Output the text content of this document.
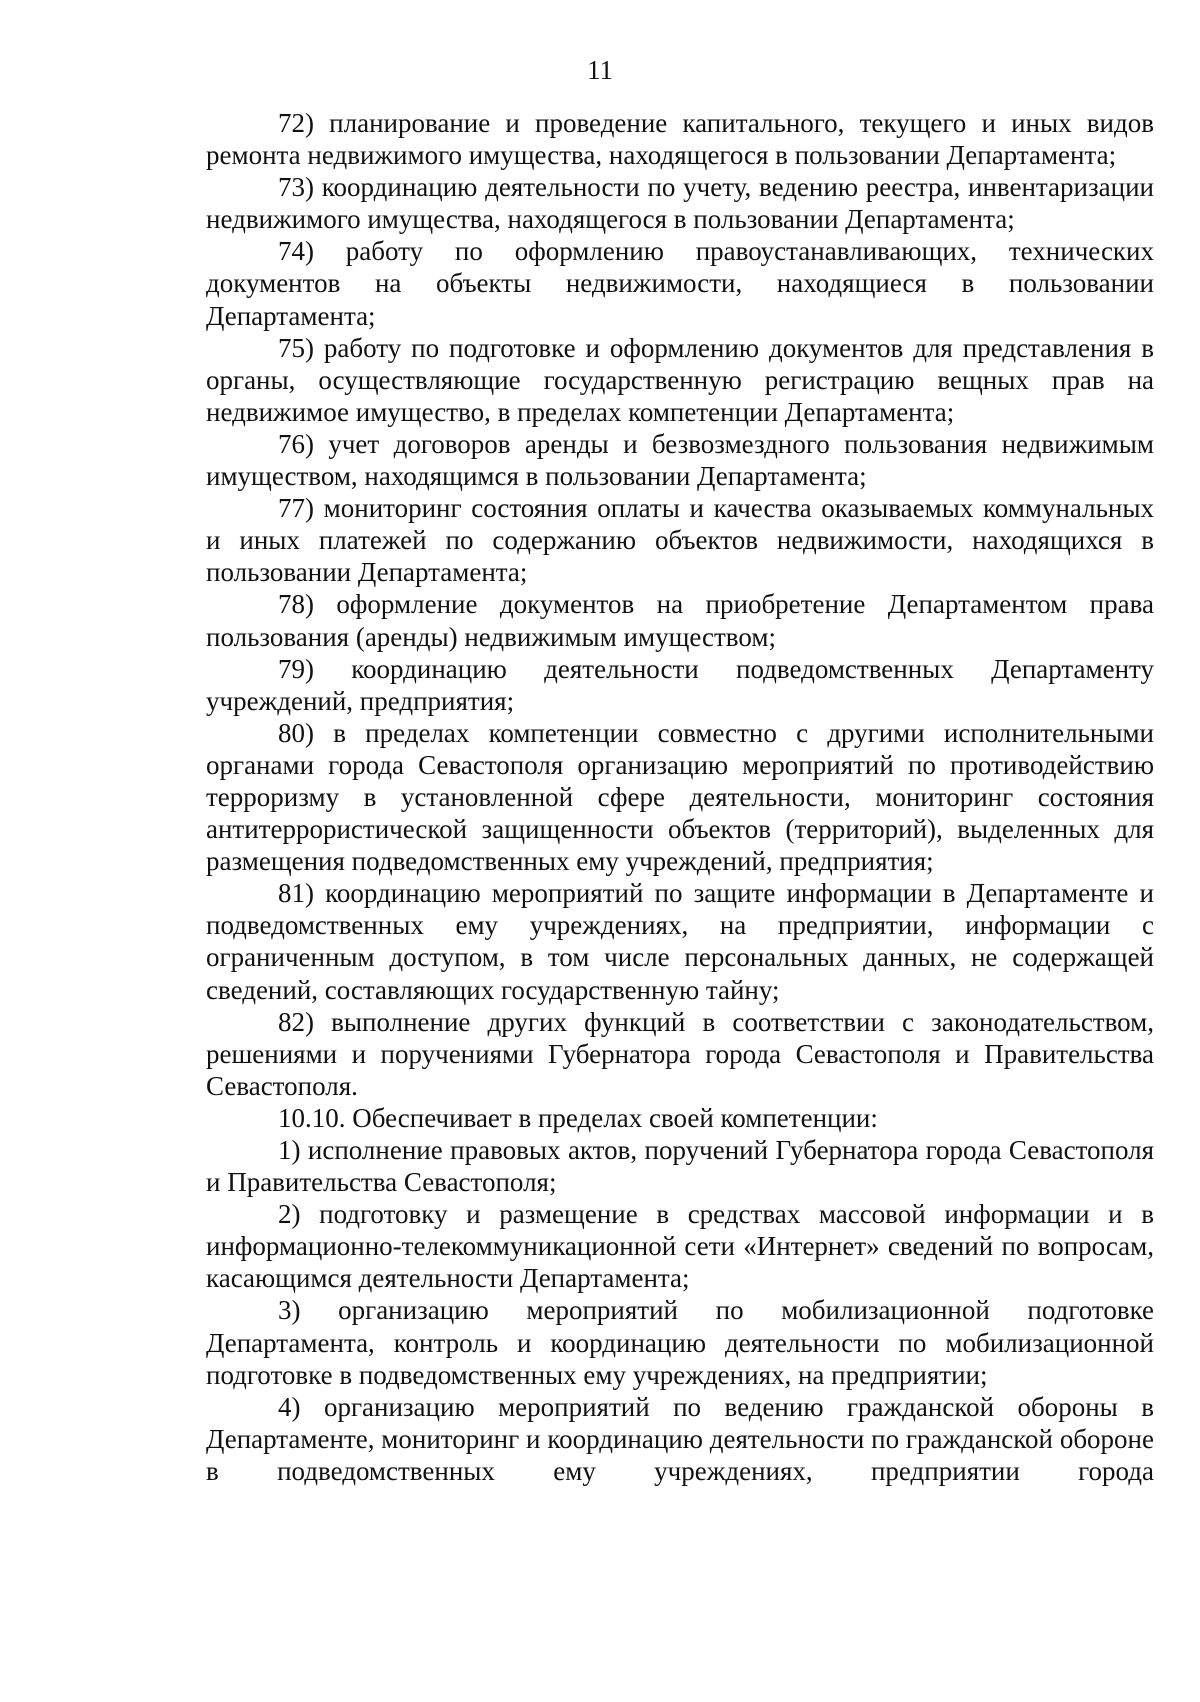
11

72) планирование и проведение капитального, текущего и иных видов ремонта недвижимого имущества, находящегося в пользовании Департамента;

73) координацию деятельности по учету, ведению реестра, инвентаризации недвижимого имущества, находящегося в пользовании Департамента;

74) работу по оформлению правоустанавливающих, технических документов на объекты недвижимости, находящиеся в пользовании Департамента;

75) работу по подготовке и оформлению документов для представления в органы, осуществляющие государственную регистрацию вещных прав на недвижимое имущество, в пределах компетенции Департамента;

76) учет договоров аренды и безвозмездного пользования недвижимым имуществом, находящимся в пользовании Департамента;

77) мониторинг состояния оплаты и качества оказываемых коммунальных и иных платежей по содержанию объектов недвижимости, находящихся в пользовании Департамента;

78) оформление документов на приобретение Департаментом права пользования (аренды) недвижимым имуществом;

79) координацию деятельности подведомственных Департаменту учреждений, предприятия;

80) в пределах компетенции совместно с другими исполнительными органами города Севастополя организацию мероприятий по противодействию терроризму в установленной сфере деятельности, мониторинг состояния антитеррористической защищенности объектов (территорий), выделенных для размещения подведомственных ему учреждений, предприятия;

81) координацию мероприятий по защите информации в Департаменте и подведомственных ему учреждениях, на предприятии, информации с ограниченным доступом, в том числе персональных данных, не содержащей сведений, составляющих государственную тайну;

82) выполнение других функций в соответствии с законодательством, решениями и поручениями Губернатора города Севастополя и Правительства Севастополя.

10.10. Обеспечивает в пределах своей компетенции:

1) исполнение правовых актов, поручений Губернатора города Севастополя и Правительства Севастополя;

2) подготовку и размещение в средствах массовой информации и в информационно-телекоммуникационной сети «Интернет» сведений по вопросам, касающимся деятельности Департамента;

3) организацию мероприятий по мобилизационной подготовке Департамента, контроль и координацию деятельности по мобилизационной подготовке в подведомственных ему учреждениях, на предприятии;

4) организацию мероприятий по ведению гражданской обороны в Департаменте, мониторинг и координацию деятельности по гражданской обороне в подведомственных ему учреждениях, предприятии города
